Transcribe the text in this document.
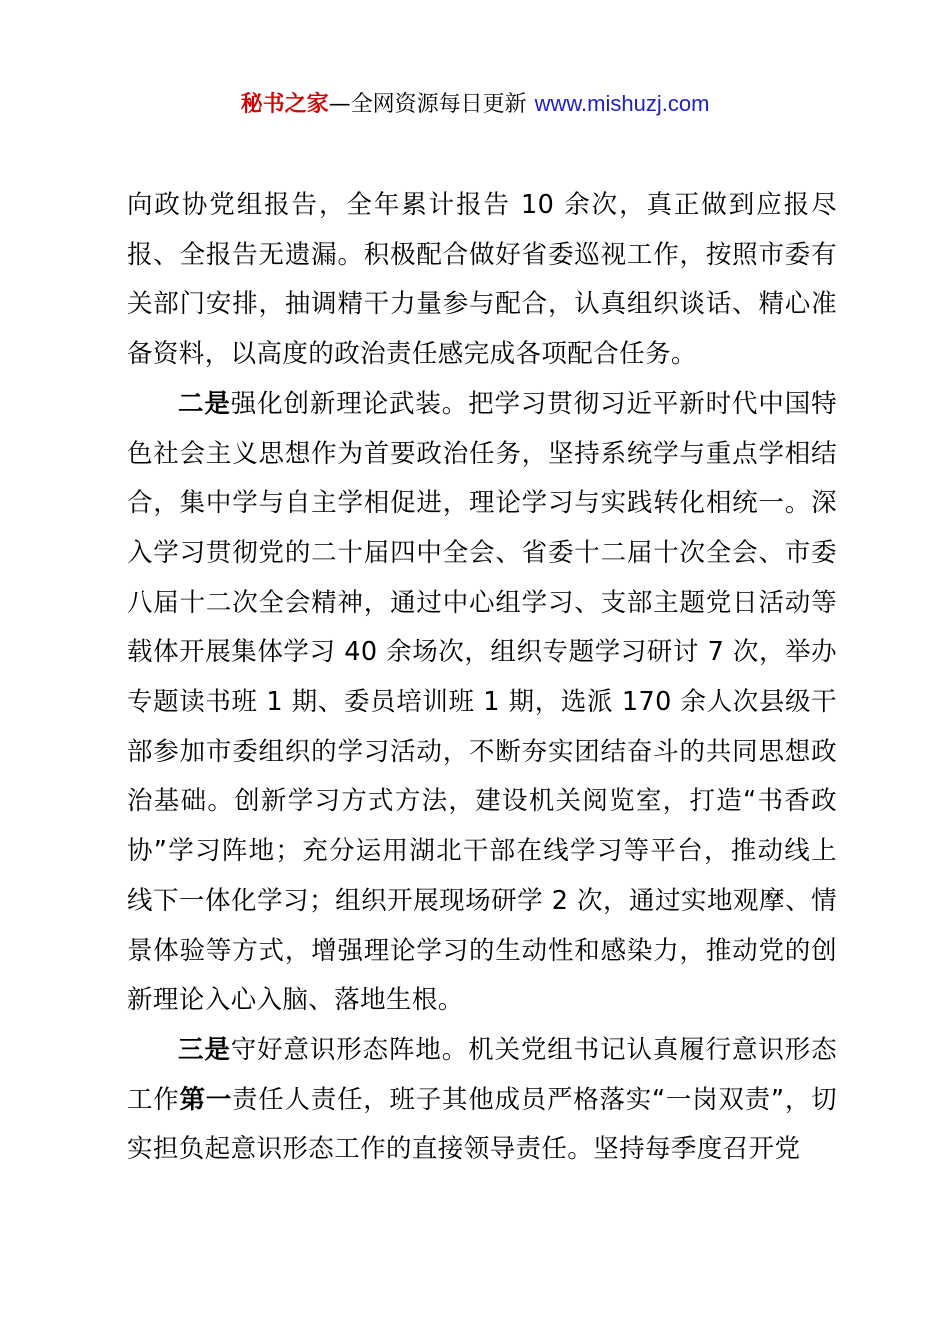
秘书之家—全网资源每日更新 www.mishuzj.com

向政协党组报告，全年累计报告 10 余次，真正做到应报尽报、全报告无遗漏。积极配合做好省委巡视工作，按照市委有关部门安排，抽调精干力量参与配合，认真组织谈话、精心准备资料，以高度的政治责任感完成各项配合任务。

二是强化创新理论武装。把学习贯彻习近平新时代中国特色社会主义思想作为首要政治任务，坚持系统学与重点学相结合，集中学与自主学相促进，理论学习与实践转化相统一。深入学习贯彻党的二十届四中全会、省委十二届十次全会、市委八届十二次全会精神，通过中心组学习、支部主题党日活动等载体开展集体学习 40 余场次，组织专题学习研讨 7 次，举办专题读书班 1 期、委员培训班 1 期，选派 170 余人次县级干部参加市委组织的学习活动，不断夯实团结奋斗的共同思想政治基础。创新学习方式方法，建设机关阅览室，打造“书香政协”学习阵地；充分运用湖北干部在线学习等平台，推动线上线下一体化学习；组织开展现场研学 2 次，通过实地观摩、情景体验等方式，增强理论学习的生动性和感染力，推动党的创新理论入心入脑、落地生根。

三是守好意识形态阵地。机关党组书记认真履行意识形态工作第一责任人责任，班子其他成员严格落实“一岗双责”，切实担负起意识形态工作的直接领导责任。坚持每季度召开党
